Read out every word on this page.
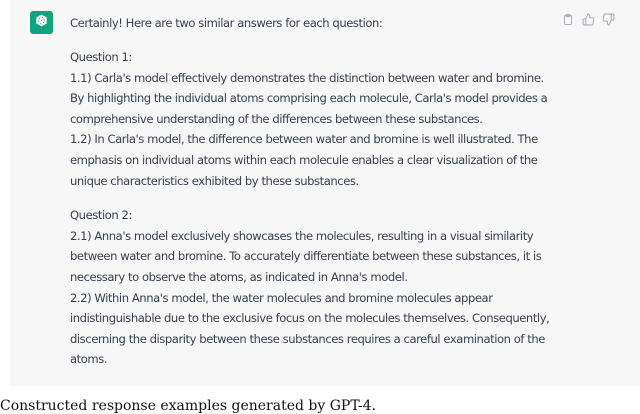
Certainly! Here are two similar answers for each question:

Question 1:

1.1) Carla's model effectively demonstrates the distinction between water and bromine. By highlighting the individual atoms comprising each molecule, Carla's model provides a comprehensive understanding of the differences between these substances.

1.2) In Carla's model, the difference between water and bromine is well illustrated. The emphasis on individual atoms within each molecule enables a clear visualization of the unique characteristics exhibited by these substances.

Question 2:

2.1) Anna's model exclusively showcases the molecules, resulting in a visual similarity between water and bromine. To accurately differentiate between these substances, it is necessary to observe the atoms, as indicated in Anna's model.

2.2) Within Anna's model, the water molecules and bromine molecules appear indistinguishable due to the exclusive focus on the molecules themselves. Consequently, discerning the disparity between these substances requires a careful examination of the atoms.

Constructed response examples generated by GPT-4.
